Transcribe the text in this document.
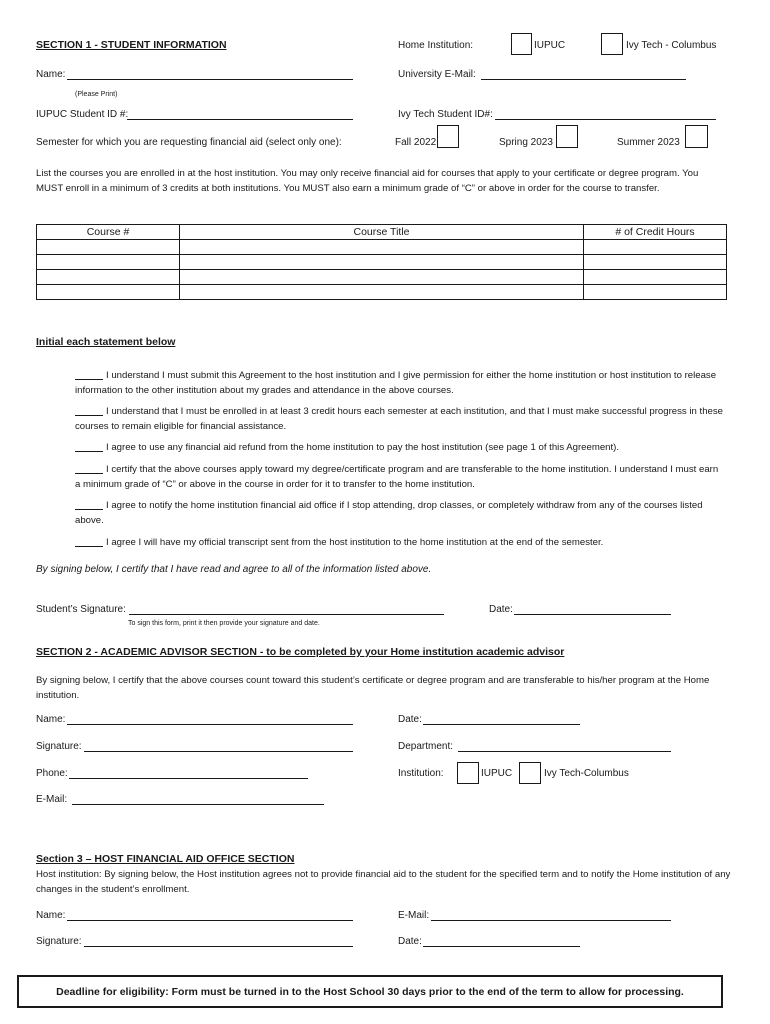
SECTION 1 - STUDENT INFORMATION	Home Institution:	IUPUC	Ivy Tech - Columbus
Name:
(Please Print)
University E-Mail:
IUPUC Student ID #:	Ivy Tech Student ID#:
Semester for which you are requesting financial aid (select only one):	Fall 2022	Spring 2023	Summer 2023
List the courses you are enrolled in at the host institution. You may only receive financial aid for courses that apply to your certificate or degree program. You MUST enroll in a minimum of 3 credits at both institutions. You MUST also earn a minimum grade of “C” or above in order for the course to transfer.
Course #	Course Title	# of Credit Hours

Initial each statement below
I understand I must submit this Agreement to the host institution and I give permission for either the home institution or host institution to release information to the other institution about my grades and attendance in the above courses.
I understand that I must be enrolled in at least 3 credit hours each semester at each institution, and that I must make successful progress in these courses to remain eligible for financial assistance.
I agree to use any financial aid refund from the home institution to pay the host institution (see page 1 of this Agreement).
I certify that the above courses apply toward my degree/certificate program and are transferable to the home institution. I understand I must earn a minimum grade of “C” or above in the course in order for it to transfer to the home institution.
I agree to notify the home institution financial aid office if I stop attending, drop classes, or completely withdraw from any of the courses listed above.
I agree I will have my official transcript sent from the host institution to the home institution at the end of the semester.
By signing below, I certify that I have read and agree to all of the information listed above.
Student’s Signature:	Date:
To sign this form, print it then provide your signature and date.
SECTION 2 - ACADEMIC ADVISOR SECTION - to be completed by your Home institution academic advisor
By signing below, I certify that the above courses count toward this student’s certificate or degree program and are transferable to his/her program at the Home institution.
Name:	Date:
Signature:	Department:
Phone:	Institution:	IUPUC	Ivy Tech-Columbus
E-Mail:
Section 3 – HOST FINANCIAL AID OFFICE SECTION
Host institution: By signing below, the Host institution agrees not to provide financial aid to the student for the specified term and to notify the Home institution of any changes in the student’s enrollment.
Name:	E-Mail:
Signature:	Date:
Deadline for eligibility: Form must be turned in to the Host School 30 days prior to the end of the term to allow for processing.
